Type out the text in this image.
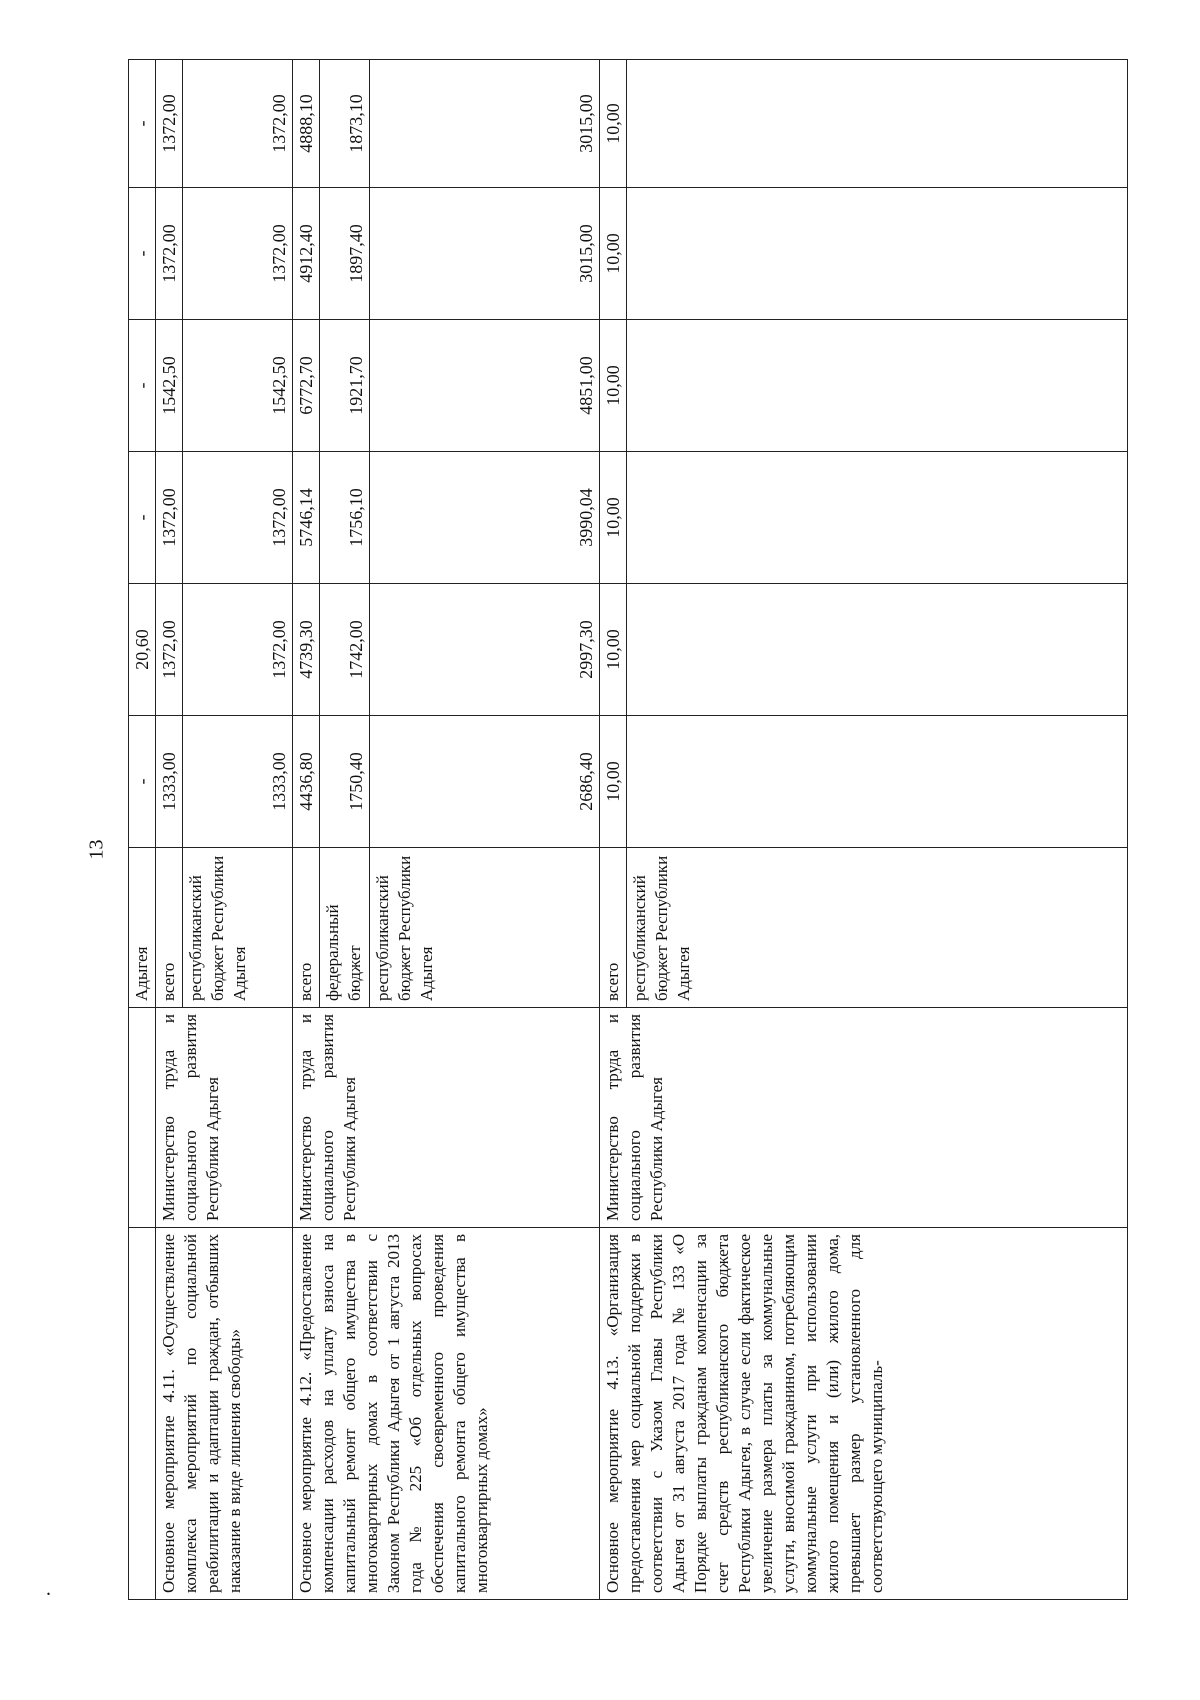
13
.
		Адыгея	-	20,60	-	-	-	-
Основное мероприятие 4.11. «Осуществление комплекса мероприятий по социальной реабилитации и адаптации граждан, отбывших наказание в виде лишения свободы»	Министерство труда и социального развития Республики Адыгея	всего	1333,00	1372,00	1372,00	1542,50	1372,00	1372,00
		республиканский бюджет Республики Адыгея	1333,00	1372,00	1372,00	1542,50	1372,00	1372,00
Основное мероприятие 4.12. «Предоставление компенсации расходов на уплату взноса на капитальный ремонт общего имущества в многоквартирных домах в соответствии с Законом Республики Адыгея от 1 августа 2013 года № 225 «Об отдельных вопросах обеспечения своевременного проведения капитального ремонта общего имущества в многоквартирных домах»	Министерство труда и социального развития Республики Адыгея	всего	4436,80	4739,30	5746,14	6772,70	4912,40	4888,10
		федеральный бюджет	1750,40	1742,00	1756,10	1921,70	1897,40	1873,10
		республиканский бюджет Республики Адыгея	2686,40	2997,30	3990,04	4851,00	3015,00	3015,00
Основное мероприятие 4.13. «Организация предоставления мер социальной поддержки в соответствии с Указом Главы Республики Адыгея от 31 августа 2017 года № 133 «О Порядке выплаты гражданам компенсации за счет средств республиканского бюджета Республики Адыгея, в случае если фактическое увеличение размера платы за коммунальные услуги, вносимой гражданином, потребляющим коммунальные услуги при использовании жилого помещения и (или) жилого дома, превышает размер установленного для соответствующего муниципаль-	Министерство труда и социального развития Республики Адыгея	всего	10,00	10,00	10,00	10,00	10,00	10,00
		республиканский бюджет Республики Адыгея						
